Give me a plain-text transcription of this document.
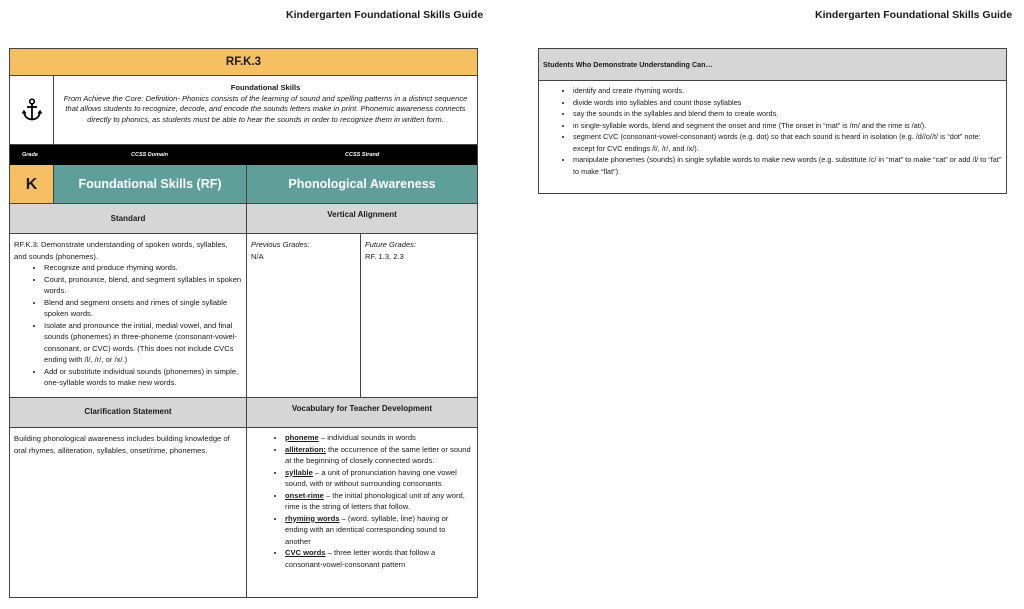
Kindergarten Foundational Skills Guide	Kindergarten Foundational Skills Guide
RF.K.3
Foundational Skills
From Achieve the Core: Definition- Phonics consists of the learning of sound and spelling patterns in a distinct sequence that allows students to recognize, decode, and encode the sounds letters make in print. Phonemic awareness connects directly to phonics, as students must be able to hear the sounds in order to recognize them in written form.
Grade	CCSS Domain	CCSS Strand
K	Foundational Skills (RF)	Phonological Awareness
Standard	Vertical Alignment
RF.K.3: Demonstrate understanding of spoken words, syllables, and sounds (phonemes).
• Recognize and produce rhyming words.
• Count, pronounce, blend, and segment syllables in spoken words.
• Blend and segment onsets and rimes of single syllable spoken words.
• Isolate and pronounce the initial, medial vowel, and final sounds (phonemes) in three-phoneme (consonant-vowel-consonant, or CVC) words. (This does not include CVCs ending with /l/, /r/, or /x/.)
• Add or substitute individual sounds (phonemes) in simple, one-syllable words to make new words.
Previous Grades:
N/A
Future Grades:
RF. 1.3, 2.3
Clarification Statement	Vocabulary for Teacher Development
Building phonological awareness includes building knowledge of oral rhymes, alliteration, syllables, onset/rime, phonemes.
• phoneme – individual sounds in words
• alliteration: the occurrence of the same letter or sound at the beginning of closely connected words.
• syllable – a unit of pronunciation having one vowel sound, with or without surrounding consonants
• onset-rime – the initial phonological unit of any word, rime is the string of letters that follow.
• rhyming words – (word, syllable, line) having or ending with an identical corresponding sound to another
• CVC words – three letter words that follow a consonant-vowel-consonant pattern
Students Who Demonstrate Understanding Can…
• identify and create rhyming words.
• divide words into syllables and count those syllables
• say the sounds in the syllables and blend them to create words.
• in single-syllable words, blend and segment the onset and rime (The onset in “mat” is /m/ and the rime is /at/).
• segment CVC (consonant-vowel-consonant) words (e.g. dot) so that each sound is heard in isolation (e.g. /d//o//t/ is “dot” note: except for CVC endings /l/, /r/, and /x/).
• manipulate phonemes (sounds) in single syllable words to make new words (e.g. substitute /c/ in “mat” to make “cat” or add /l/ to “fat” to make “flat”).
